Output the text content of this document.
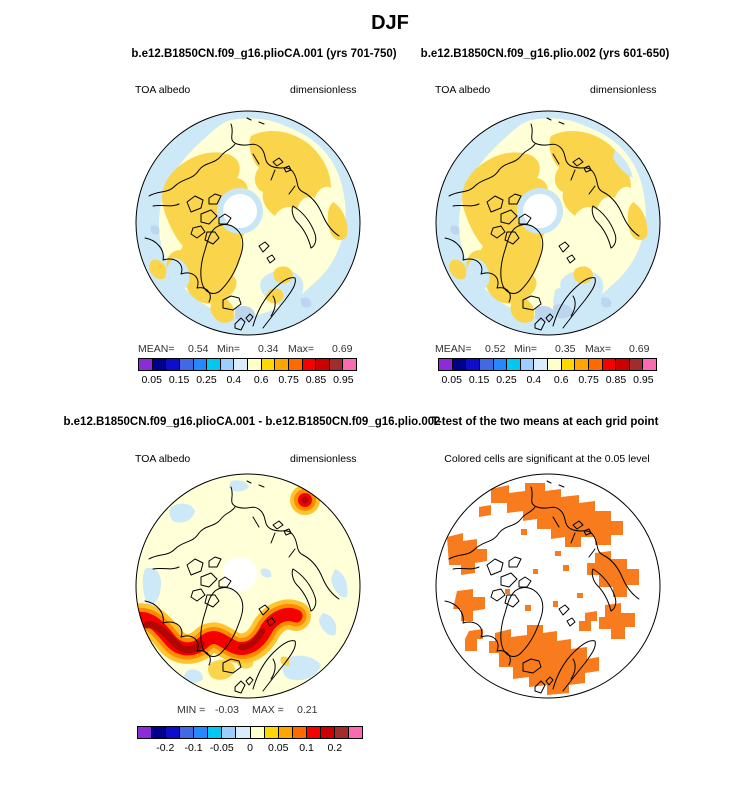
DJF
b.e12.B1850CN.f09_g16.plioCA.001 (yrs 701-750) b.e12.B1850CN.f09_g16.plio.002 (yrs 601-650)
TOA albedo	dimensionless	TOA albedo	dimensionless
MEAN= 0.54 Min= 0.34 Max= 0.69	MEAN= 0.52 Min= 0.35 Max= 0.69
0.05 0.15 0.25 0.4 0.6 0.75 0.85 0.95	0.05 0.15 0.25 0.4 0.6 0.75 0.85 0.95
b.e12.B1850CN.f09_g16.plioCA.001 - b.e12.B1850CN.f09_g16.plio.002
T-test of the two means at each grid point
TOA albedo	dimensionless	Colored cells are significant at the 0.05 level
MIN = -0.03 MAX = 0.21
-0.2 -0.1 -0.05 0 0.05 0.1 0.2
